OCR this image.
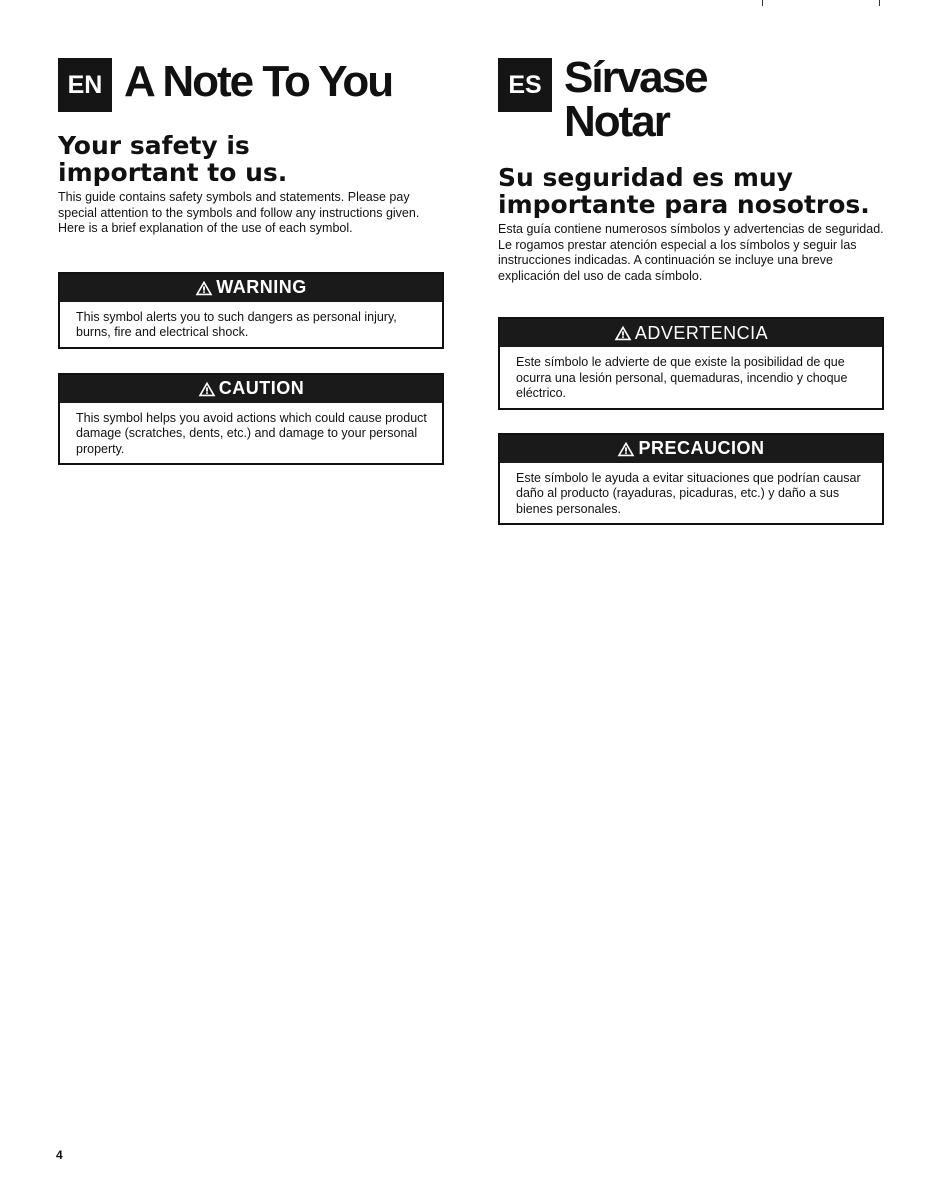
EN A Note To You
Your safety is
important to us.

This guide contains safety symbols and statements. Please pay special attention to the symbols and follow any instructions given. Here is a brief explanation of the use of each symbol.

WARNING
This symbol alerts you to such dangers as personal injury, burns, fire and electrical shock.
CAUTION
This symbol helps you avoid actions which could cause product damage (scratches, dents, etc.) and damage to your personal property.
ES Sírvase
Notar
Su seguridad es muy
importante para nosotros.

Esta guía contiene numerosos símbolos y advertencias de seguridad. Le rogamos prestar atención especial a los símbolos y seguir las instrucciones indicadas. A continuación se incluye una breve explicación del uso de cada símbolo.

ADVERTENCIA
Este símbolo le advierte de que existe la posibilidad de que ocurra una lesión personal, quemaduras, incendio y choque eléctrico.
PRECAUCION
Este símbolo le ayuda a evitar situaciones que podrían causar daño al producto (rayaduras, picaduras, etc.) y daño a sus bienes personales.
4
